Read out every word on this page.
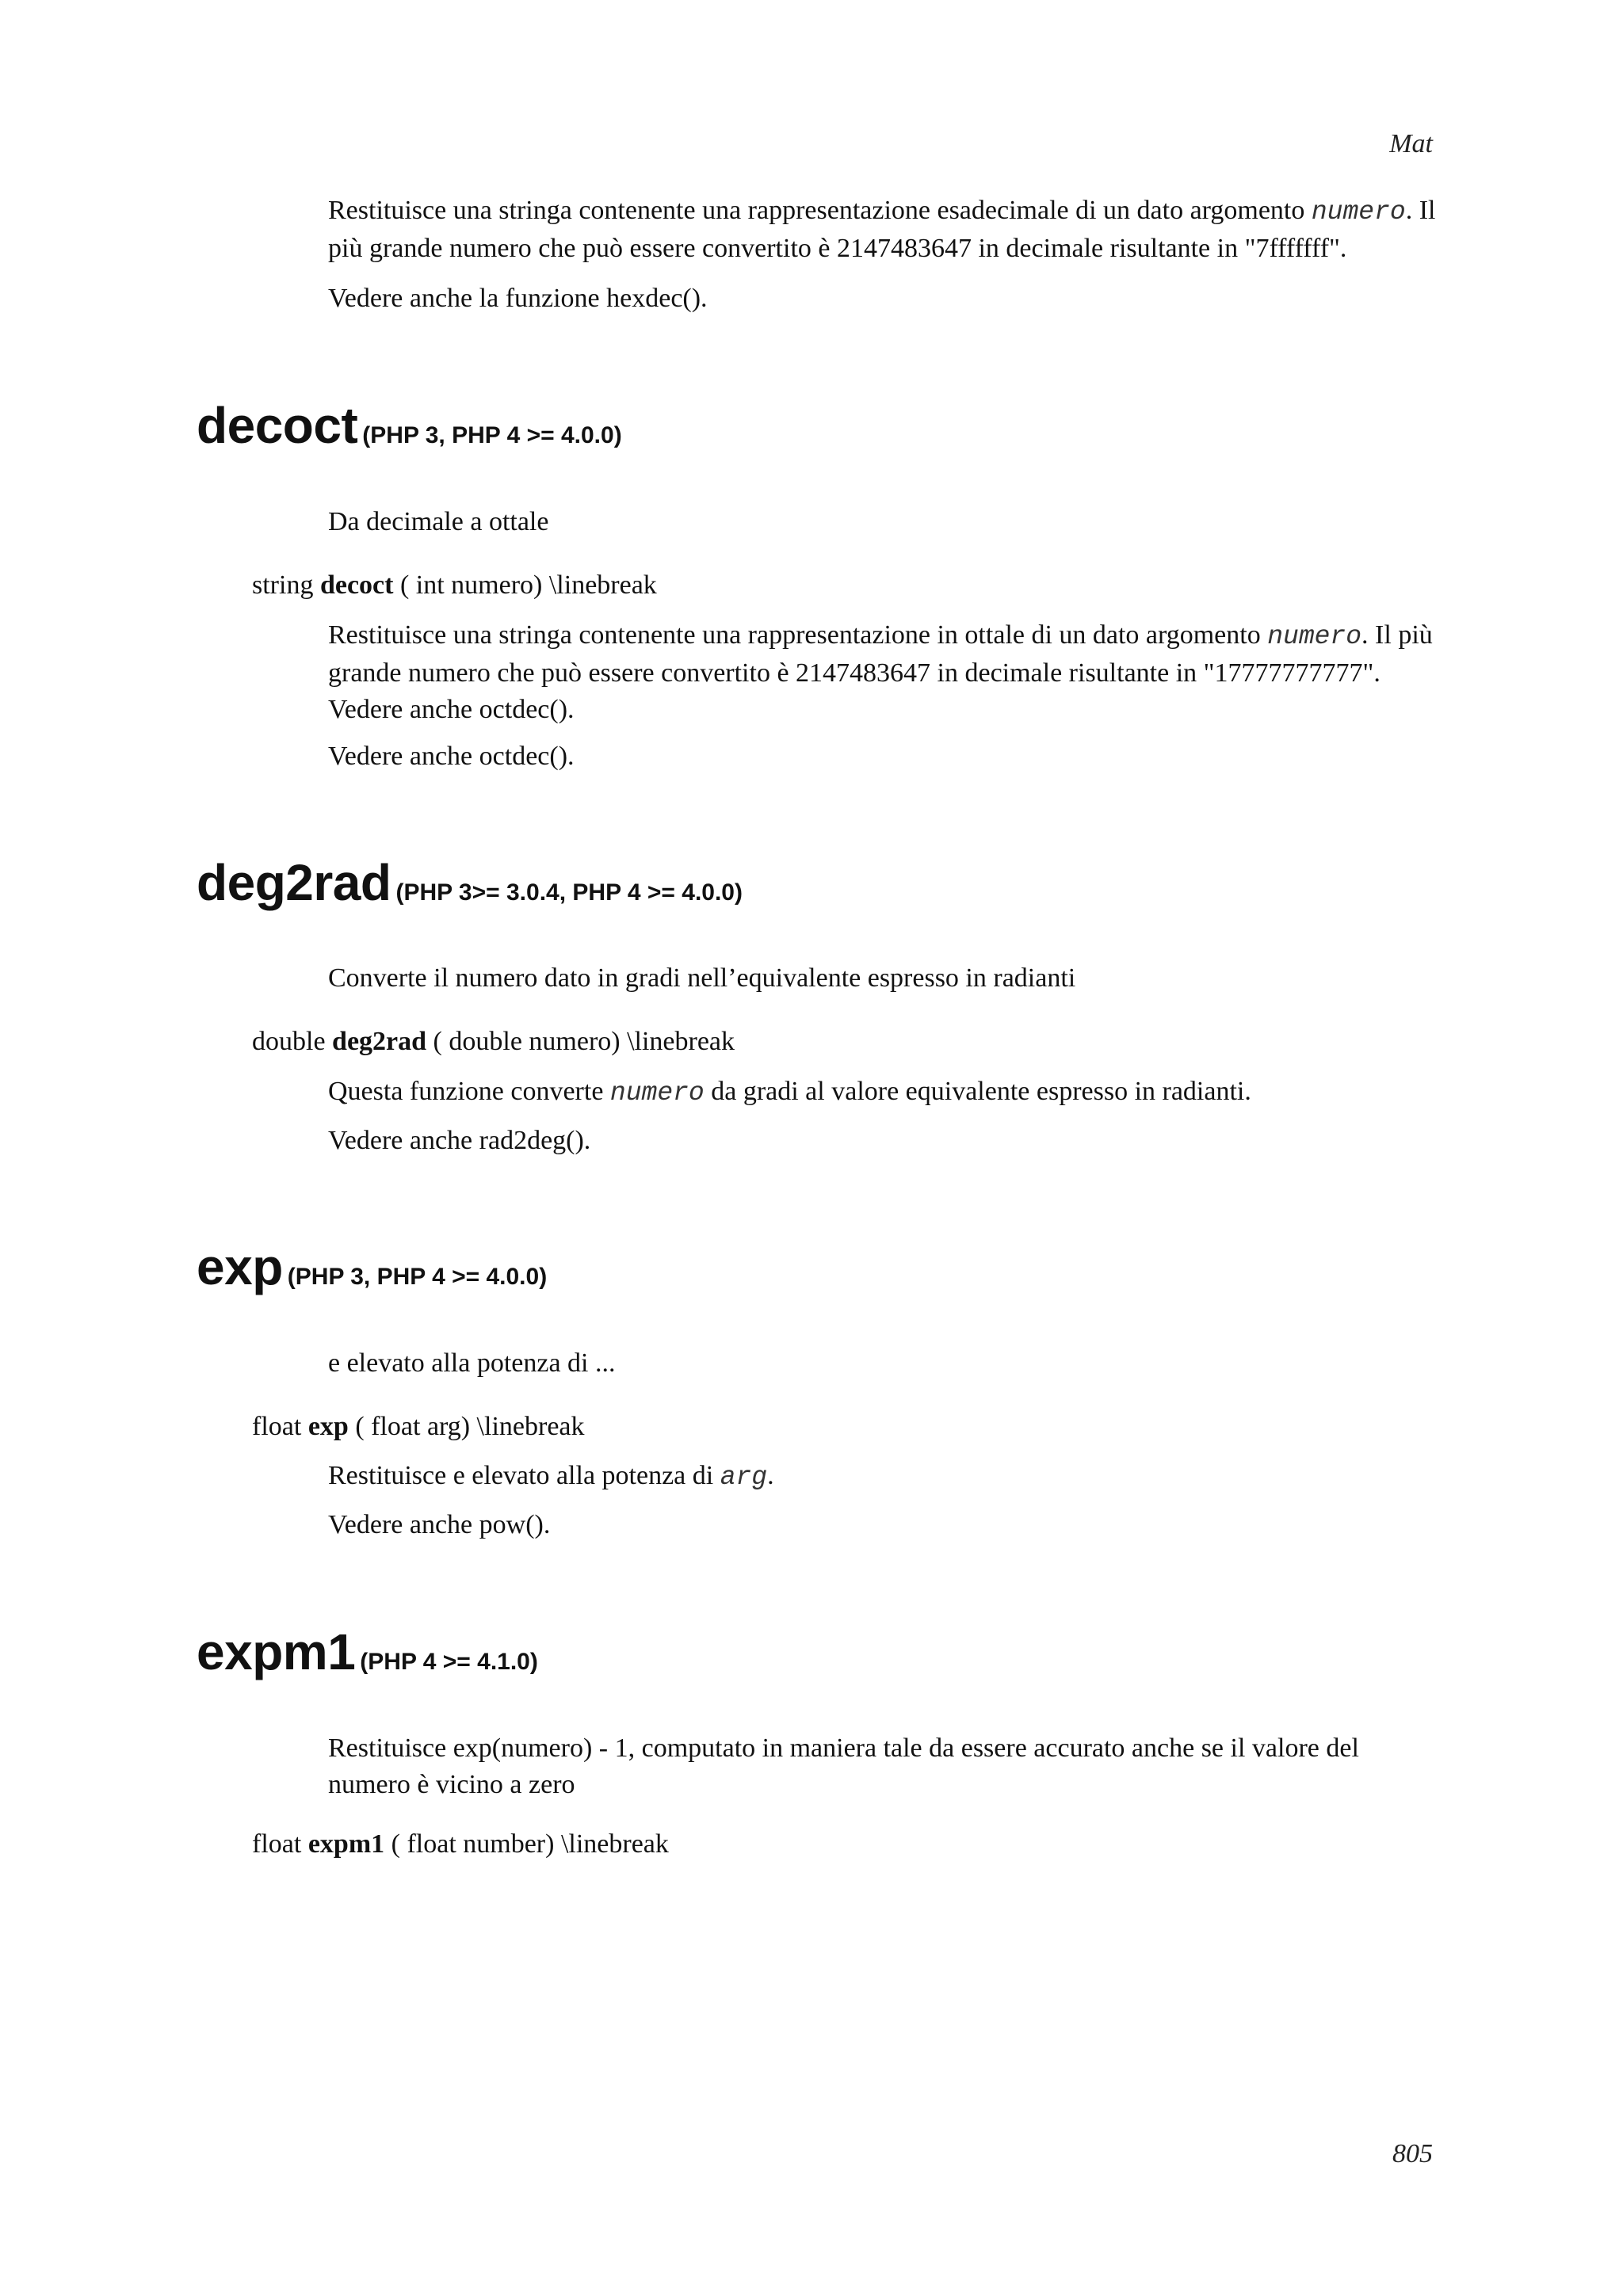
Mat
805

Restituisce una stringa contenente una rappresentazione esadecimale di un dato argomento numero. Il più grande numero che può essere convertito è 2147483647 in decimale risultante in "7fffffff".

Vedere anche la funzione hexdec().

decoct (PHP 3, PHP 4 >= 4.0.0)

Da decimale a ottale

string decoct ( int numero) \linebreak

Restituisce una stringa contenente una rappresentazione in ottale di un dato argomento numero. Il più grande numero che può essere convertito è 2147483647 in decimale risultante in "17777777777". Vedere anche octdec().

Vedere anche octdec().

deg2rad (PHP 3>= 3.0.4, PHP 4 >= 4.0.0)

Converte il numero dato in gradi nell’equivalente espresso in radianti

double deg2rad ( double numero) \linebreak

Questa funzione converte numero da gradi al valore equivalente espresso in radianti.

Vedere anche rad2deg().

exp (PHP 3, PHP 4 >= 4.0.0)

e elevato alla potenza di ...

float exp ( float arg) \linebreak

Restituisce e elevato alla potenza di arg.

Vedere anche pow().

expm1 (PHP 4 >= 4.1.0)

Restituisce exp(numero) - 1, computato in maniera tale da essere accurato anche se il valore del numero è vicino a zero

float expm1 ( float number) \linebreak
